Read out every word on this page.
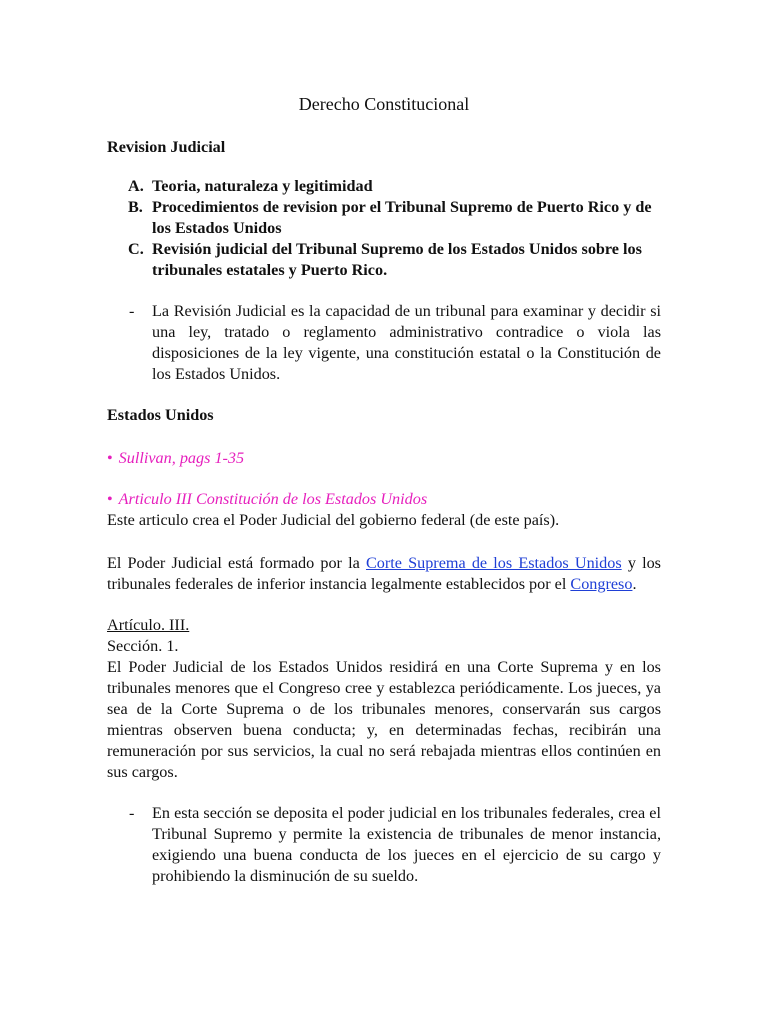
Derecho Constitucional

Revision Judicial

A. Teoria, naturaleza y legitimidad
B. Procedimientos de revision por el Tribunal Supremo de Puerto Rico y de los Estados Unidos
C. Revisión judicial del Tribunal Supremo de los Estados Unidos sobre los tribunales estatales y Puerto Rico.
- La Revisión Judicial es la capacidad de un tribunal para examinar y decidir si una ley, tratado o reglamento administrativo contradice o viola las disposiciones de la ley vigente, una constitución estatal o la Constitución de los Estados Unidos.

Estados Unidos

• Sullivan, pags 1-35

• Articulo III Constitución de los Estados Unidos

Este articulo crea el Poder Judicial del gobierno federal (de este país).

El Poder Judicial está formado por la Corte Suprema de los Estados Unidos y los tribunales federales de inferior instancia legalmente establecidos por el Congreso.

Artículo. III.

Sección. 1.

El Poder Judicial de los Estados Unidos residirá en una Corte Suprema y en los tribunales menores que el Congreso cree y establezca periódicamente. Los jueces, ya sea de la Corte Suprema o de los tribunales menores, conservarán sus cargos mientras observen buena conducta; y, en determinadas fechas, recibirán una remuneración por sus servicios, la cual no será rebajada mientras ellos continúen en sus cargos.

- En esta sección se deposita el poder judicial en los tribunales federales, crea el Tribunal Supremo y permite la existencia de tribunales de menor instancia, exigiendo una buena conducta de los jueces en el ejercicio de su cargo y prohibiendo la disminución de su sueldo.
